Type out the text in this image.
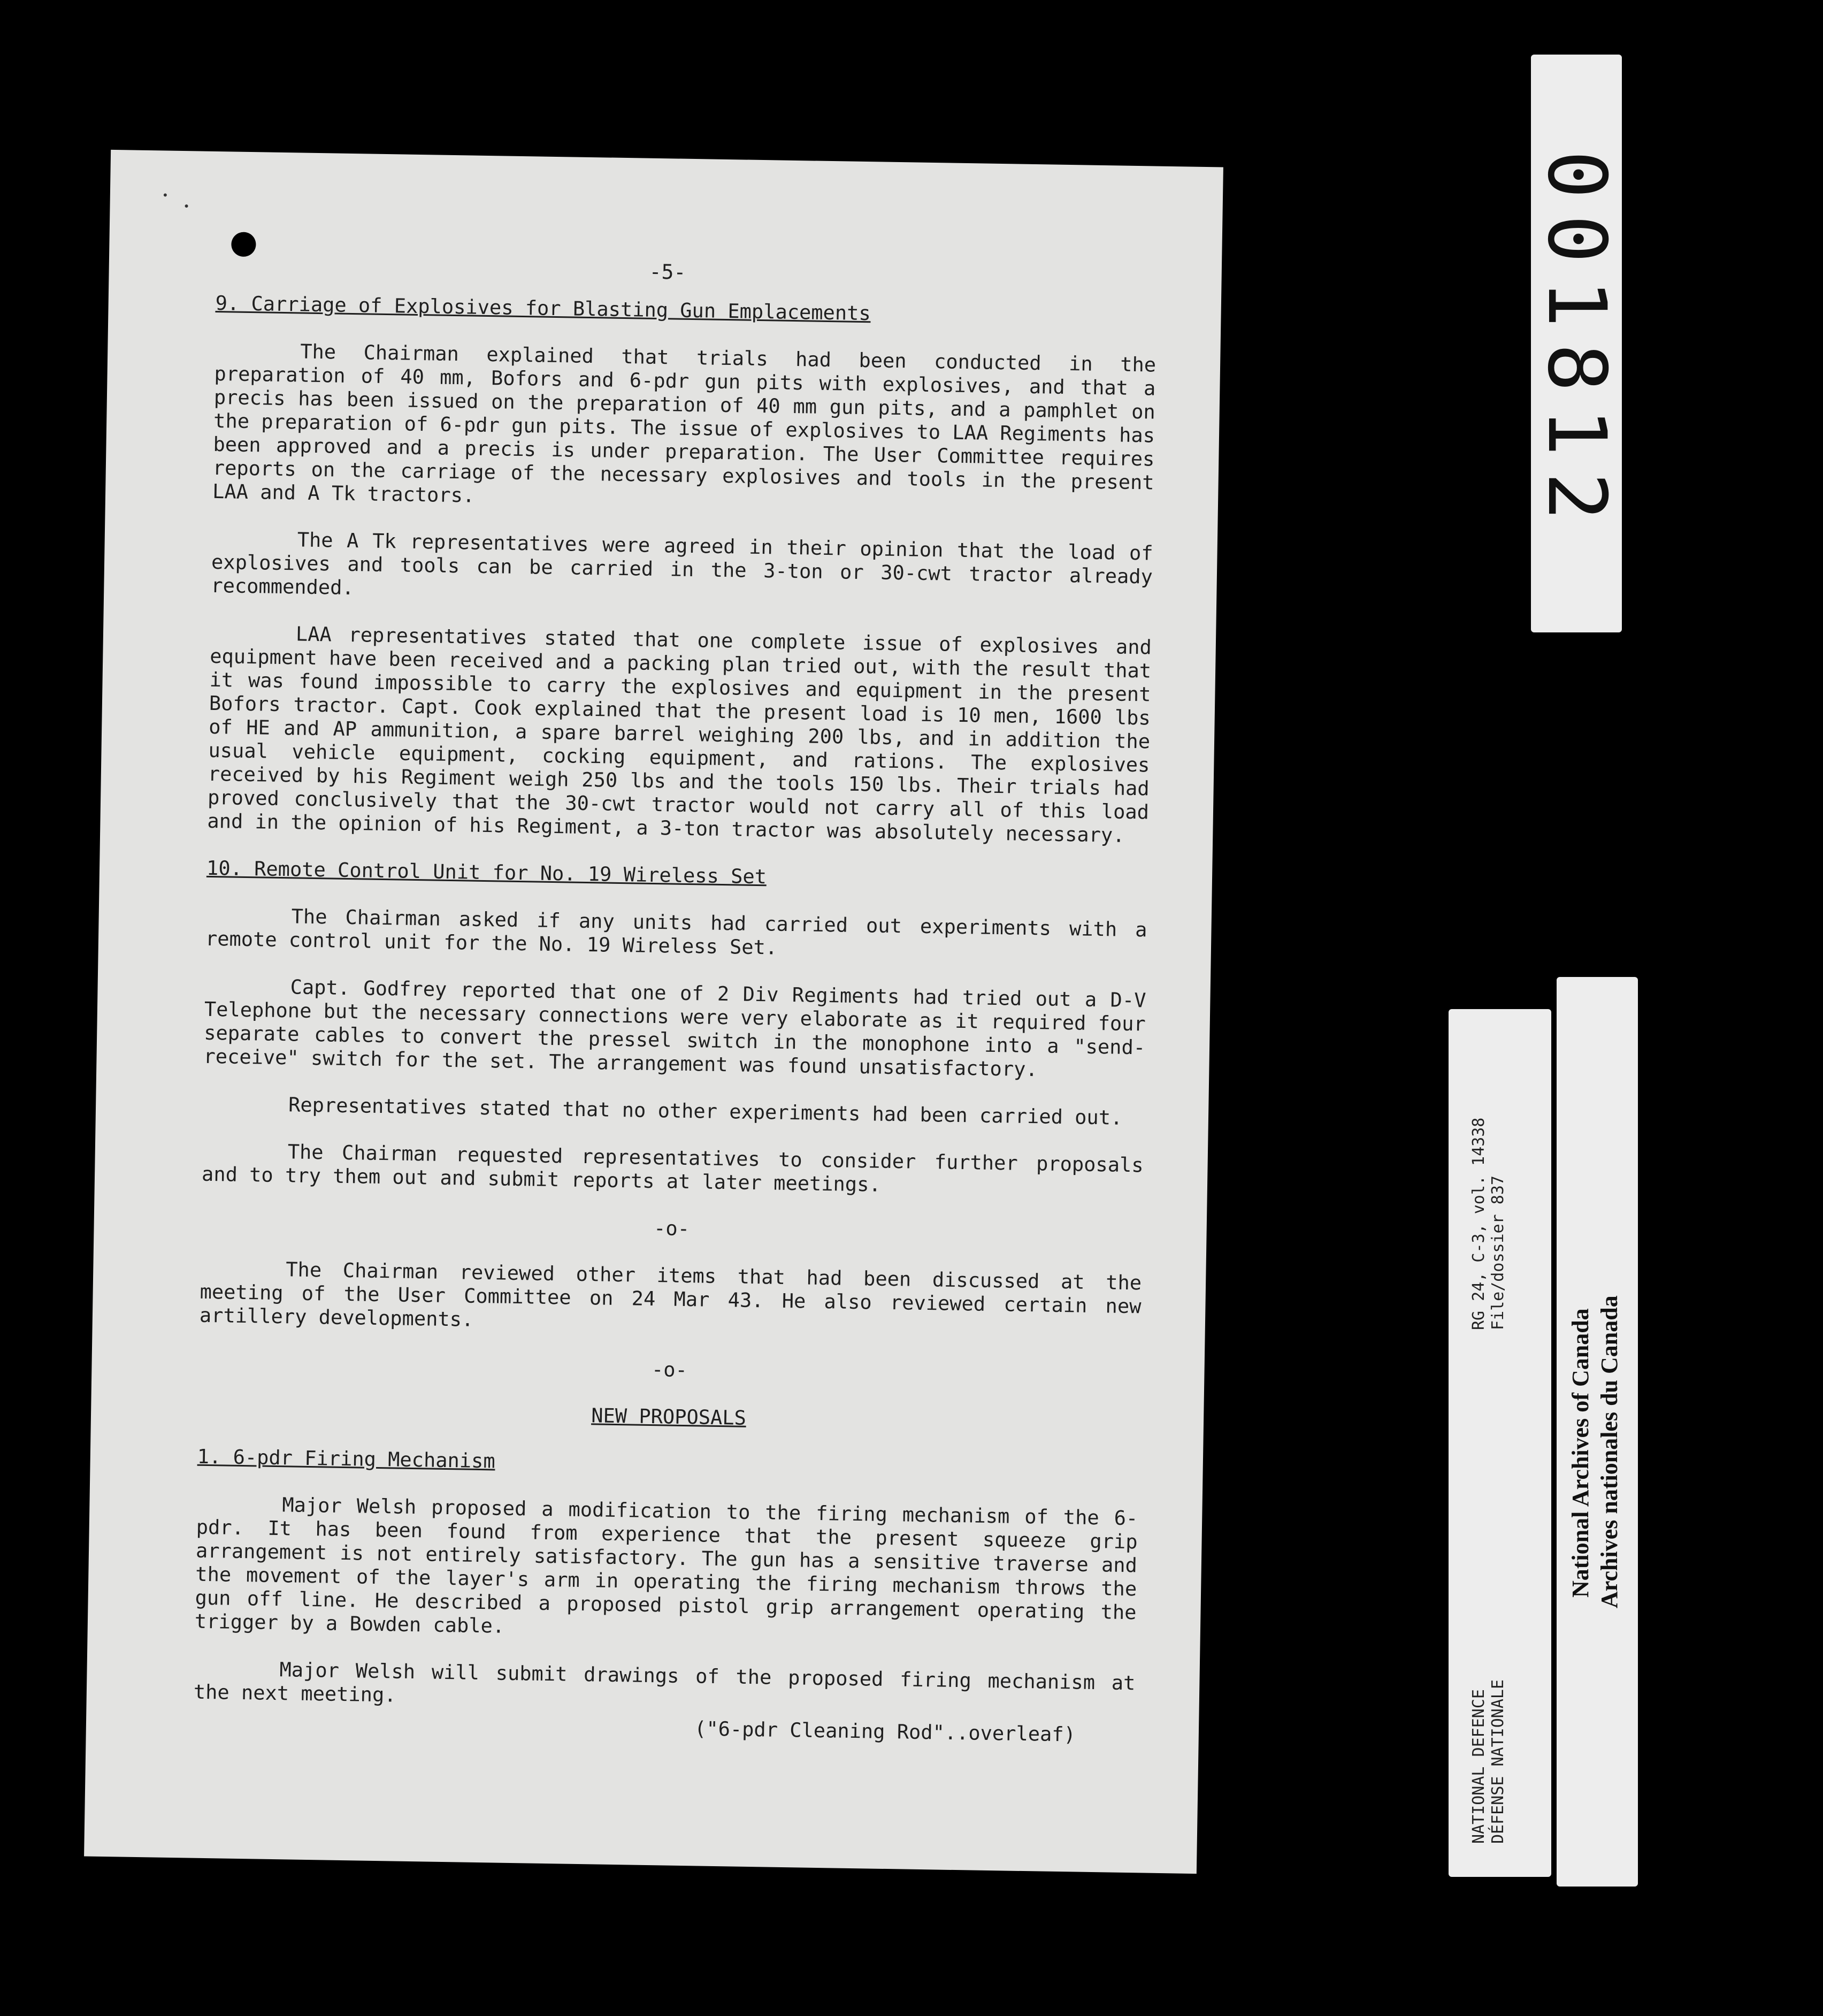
-5-
9. Carriage of Explosives for Blasting Gun Emplacements

The Chairman explained that trials had been conducted in the preparation of 40 mm, Bofors and 6-pdr gun pits with explosives, and that a precis has been issued on the preparation of 40 mm gun pits, and a pamphlet on the preparation of 6-pdr gun pits. The issue of explosives to LAA Regiments has been approved and a precis is under preparation. The User Committee requires reports on the carriage of the necessary explosives and tools in the present LAA and A Tk tractors.

The A Tk representatives were agreed in their opinion that the load of explosives and tools can be carried in the 3-ton or 30-cwt tractor already recommended.

LAA representatives stated that one complete issue of explosives and equipment have been received and a packing plan tried out, with the result that it was found impossible to carry the explosives and equipment in the present Bofors tractor. Capt. Cook explained that the present load is 10 men, 1600 lbs of HE and AP ammunition, a spare barrel weighing 200 lbs, and in addition the usual vehicle equipment, cocking equipment, and rations. The explosives received by his Regiment weigh 250 lbs and the tools 150 lbs. Their trials had proved conclusively that the 30-cwt tractor would not carry all of this load and in the opinion of his Regiment, a 3-ton tractor was absolutely necessary.

10. Remote Control Unit for No. 19 Wireless Set

The Chairman asked if any units had carried out experiments with a remote control unit for the No. 19 Wireless Set.

Capt. Godfrey reported that one of 2 Div Regiments had tried out a D-V Telephone but the necessary connections were very elaborate as it required four separate cables to convert the pressel switch in the monophone into a "send-receive" switch for the set. The arrangement was found unsatisfactory.

Representatives stated that no other experiments had been carried out.

The Chairman requested representatives to consider further proposals and to try them out and submit reports at later meetings.

-o-

The Chairman reviewed other items that had been discussed at the meeting of the User Committee on 24 Mar 43. He also reviewed certain new artillery developments.

-o-
NEW PROPOSALS
1. 6-pdr Firing Mechanism

Major Welsh proposed a modification to the firing mechanism of the 6-pdr. It has been found from experience that the present squeeze grip arrangement is not entirely satisfactory. The gun has a sensitive traverse and the movement of the layer's arm in operating the firing mechanism throws the gun off line. He described a proposed pistol grip arrangement operating the trigger by a Bowden cable.

Major Welsh will submit drawings of the proposed firing mechanism at the next meeting.

("6-pdr Cleaning Rod"..overleaf)
001812
RG 24, C-3, vol. 14338 File/dossier 837
NATIONAL DEFENCE DÉFENSE NATIONALE
National Archives of Canada Archives nationales du Canada
